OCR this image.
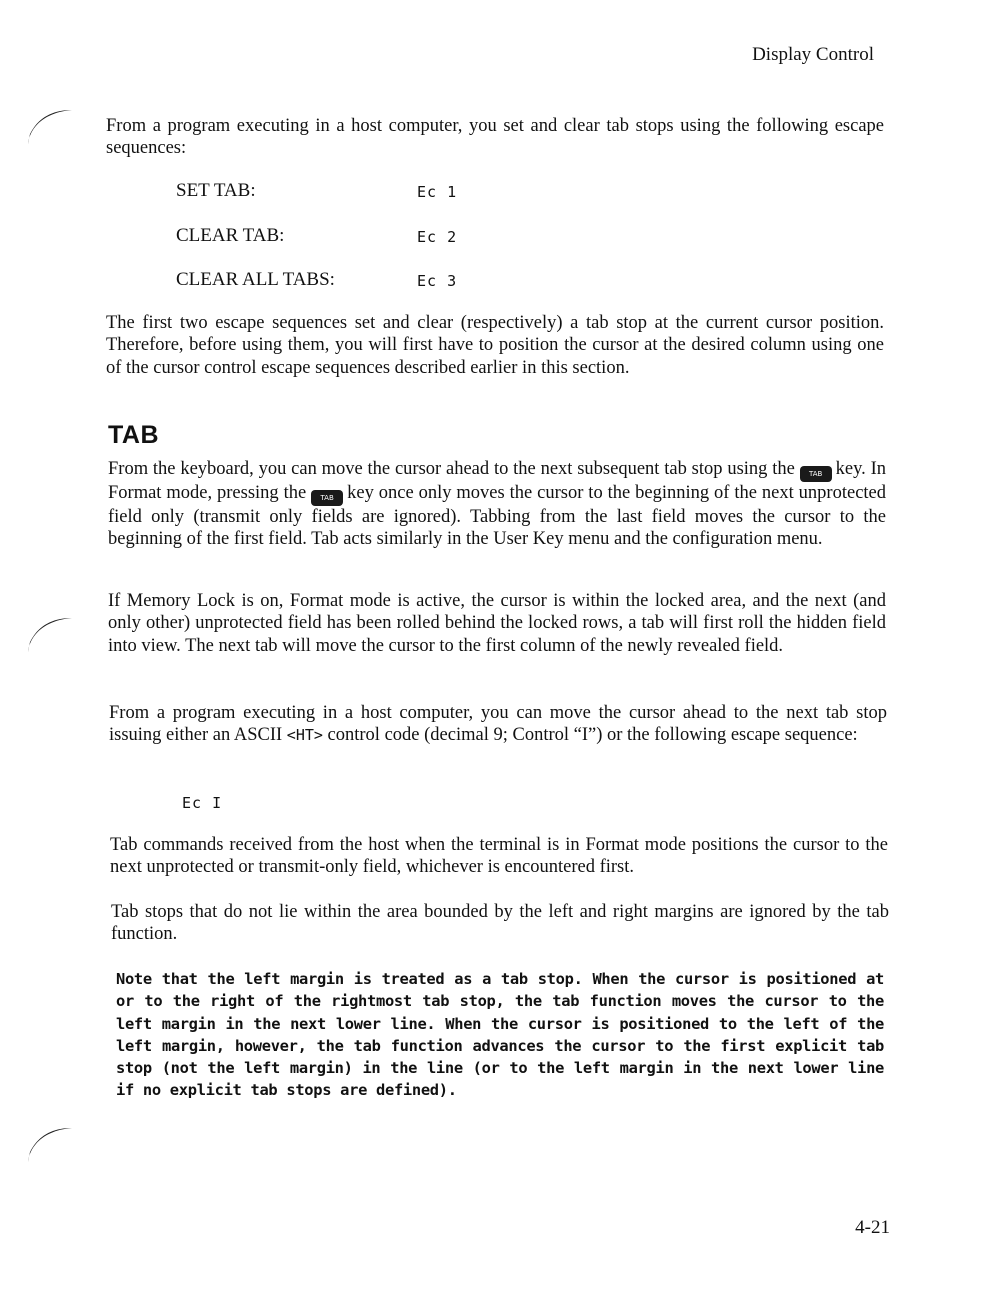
Display Control
From a program executing in a host computer, you set and clear tab stops using the following escape sequences:
SET TAB:	Ec 1
CLEAR TAB:	Ec 2
CLEAR ALL TABS:	Ec 3
The first two escape sequences set and clear (respectively) a tab stop at the current cursor position. Therefore, before using them, you will first have to position the cursor at the desired column using one of the cursor control escape sequences described earlier in this section.
TAB
From the keyboard, you can move the cursor ahead to the next subsequent tab stop using the TAB key. In Format mode, pressing the TAB key once only moves the cursor to the beginning of the next unprotected field only (transmit only fields are ignored). Tabbing from the last field moves the cursor to the beginning of the first field. Tab acts similarly in the User Key menu and the configuration menu.
If Memory Lock is on, Format mode is active, the cursor is within the locked area, and the next (and only other) unprotected field has been rolled behind the locked rows, a tab will first roll the hidden field into view. The next tab will move the cursor to the first column of the newly revealed field.
From a program executing in a host computer, you can move the cursor ahead to the next tab stop issuing either an ASCII <HT> control code (decimal 9; Control “I”) or the following escape sequence:
Ec I
Tab commands received from the host when the terminal is in Format mode positions the cursor to the next unprotected or transmit-only field, whichever is encountered first.
Tab stops that do not lie within the area bounded by the left and right margins are ignored by the tab function.
Note that the left margin is treated as a tab stop. When the cursor is positioned at or to the right of the rightmost tab stop, the tab function moves the cursor to the left margin in the next lower line. When the cursor is positioned to the left of the left margin, however, the tab function advances the cursor to the first explicit tab stop (not the left margin) in the line (or to the left margin in the next lower line if no explicit tab stops are defined).
4-21
